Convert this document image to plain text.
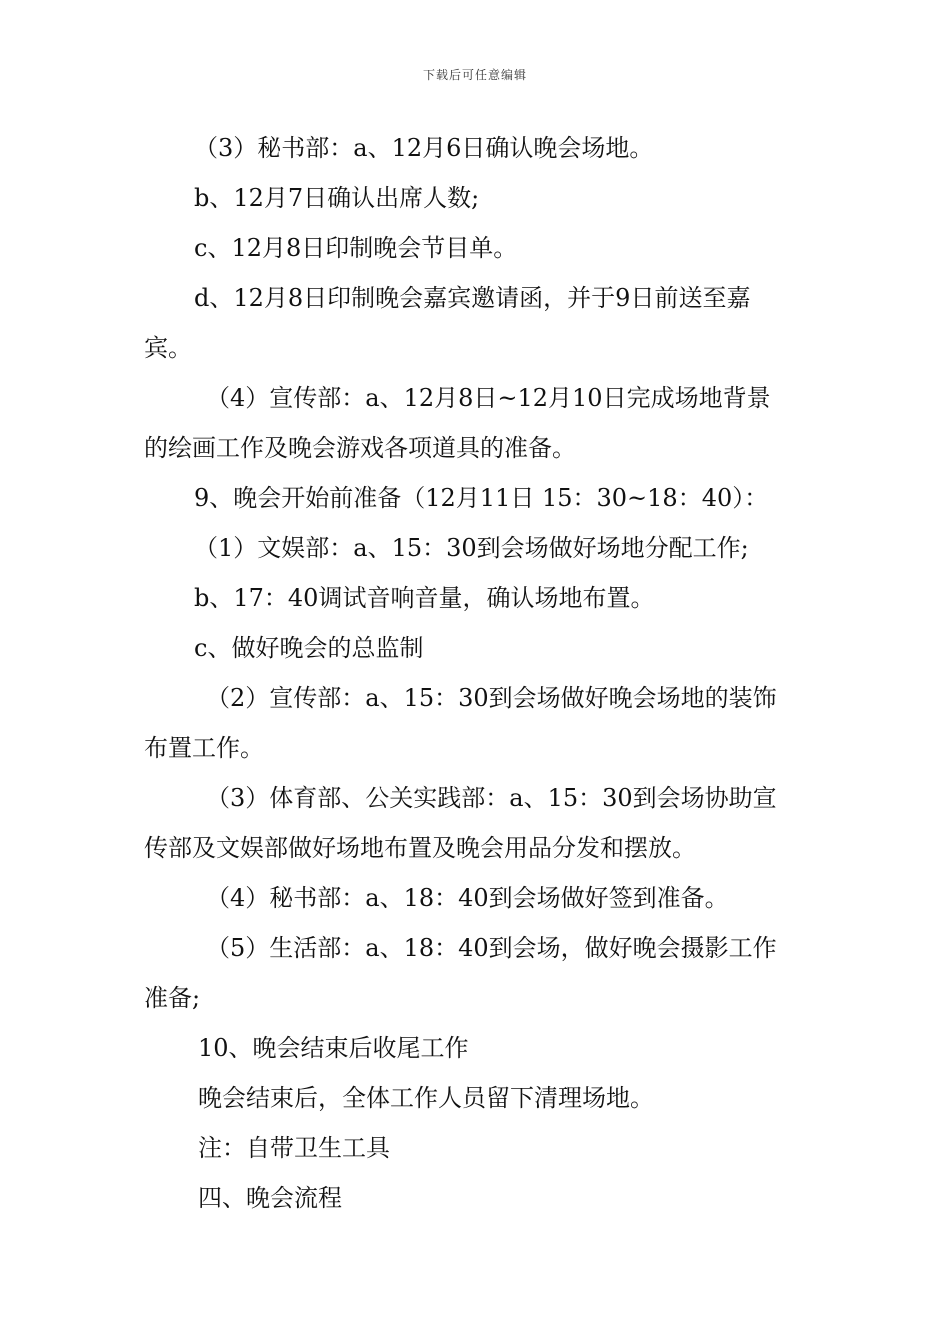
下载后可任意编辑
（3）秘书部：a、12月6日确认晚会场地。
b、12月7日确认出席人数;
c、12月8日印制晚会节目单。
d、12月8日印制晚会嘉宾邀请函，并于9日前送至嘉
宾。
（4）宣传部：a、12月8日~12月10日完成场地背景
的绘画工作及晚会游戏各项道具的准备。
9、晚会开始前准备（12月11日 15：30~18：40）：
（1）文娱部：a、15：30到会场做好场地分配工作;
b、17：40调试音响音量，确认场地布置。
c、做好晚会的总监制
（2）宣传部：a、15：30到会场做好晚会场地的装饰
布置工作。
（3）体育部、公关实践部：a、15：30到会场协助宣
传部及文娱部做好场地布置及晚会用品分发和摆放。
（4）秘书部：a、18：40到会场做好签到准备。
（5）生活部：a、18：40到会场，做好晚会摄影工作
准备;
10、晚会结束后收尾工作
晚会结束后，全体工作人员留下清理场地。
注：自带卫生工具
四、晚会流程
